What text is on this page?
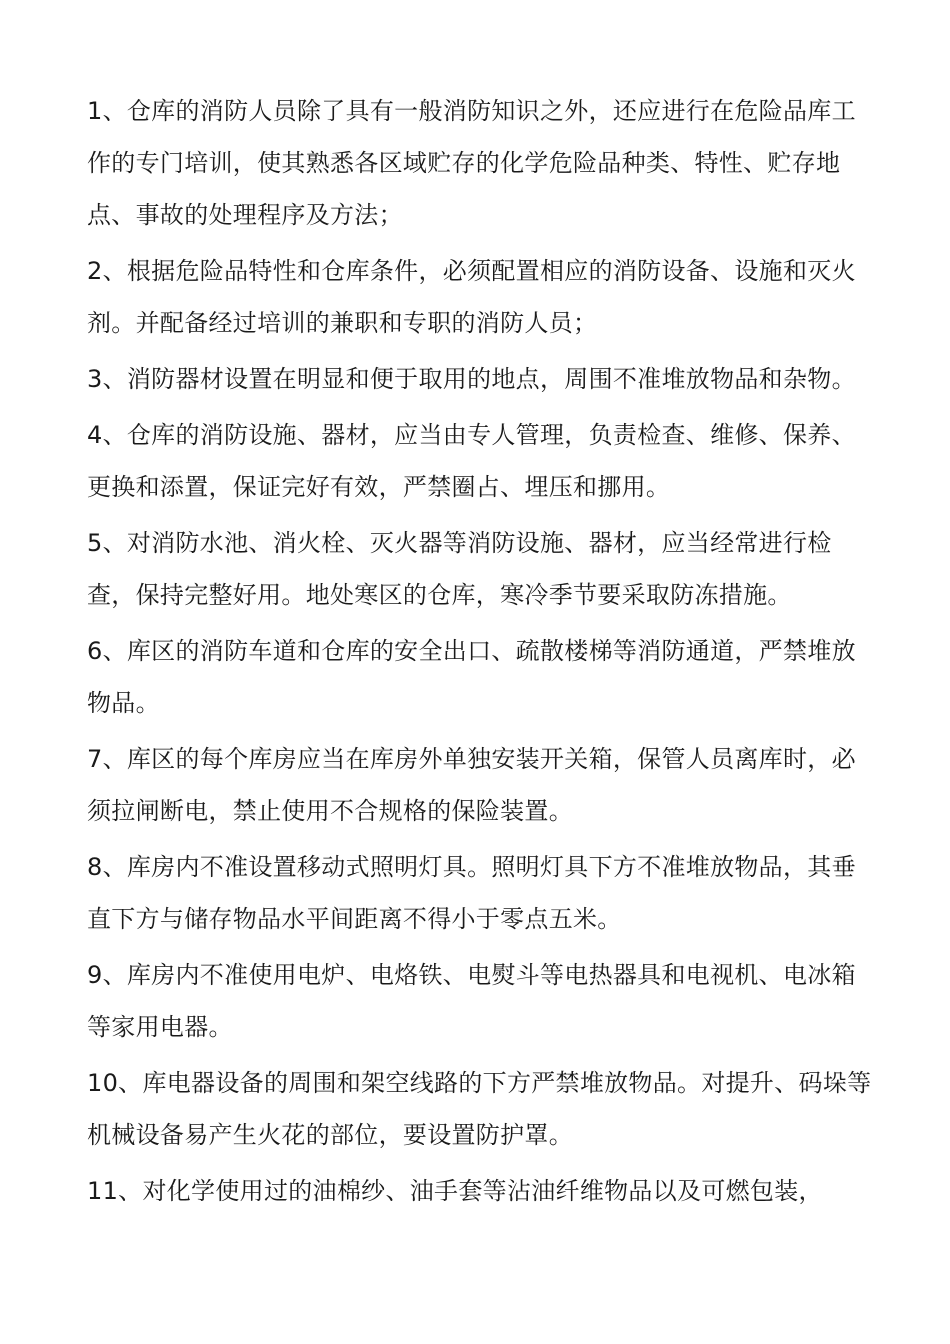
1、仓库的消防人员除了具有一般消防知识之外，还应进行在危险品库工作的专门培训，使其熟悉各区域贮存的化学危险品种类、特性、贮存地点、事故的处理程序及方法；

2、根据危险品特性和仓库条件，必须配置相应的消防设备、设施和灭火剂。并配备经过培训的兼职和专职的消防人员；

3、消防器材设置在明显和便于取用的地点，周围不准堆放物品和杂物。

4、仓库的消防设施、器材，应当由专人管理，负责检查、维修、保养、更换和添置，保证完好有效，严禁圈占、埋压和挪用。

5、对消防水池、消火栓、灭火器等消防设施、器材，应当经常进行检查，保持完整好用。地处寒区的仓库，寒冷季节要采取防冻措施。

6、库区的消防车道和仓库的安全出口、疏散楼梯等消防通道，严禁堆放物品。

7、库区的每个库房应当在库房外单独安装开关箱，保管人员离库时，必须拉闸断电，禁止使用不合规格的保险装置。

8、库房内不准设置移动式照明灯具。照明灯具下方不准堆放物品，其垂直下方与储存物品水平间距离不得小于零点五米。

9、库房内不准使用电炉、电烙铁、电熨斗等电热器具和电视机、电冰箱等家用电器。

10、库电器设备的周围和架空线路的下方严禁堆放物品。对提升、码垛等机械设备易产生火花的部位，要设置防护罩。

11、对化学使用过的油棉纱、油手套等沾油纤维物品以及可燃包装，
